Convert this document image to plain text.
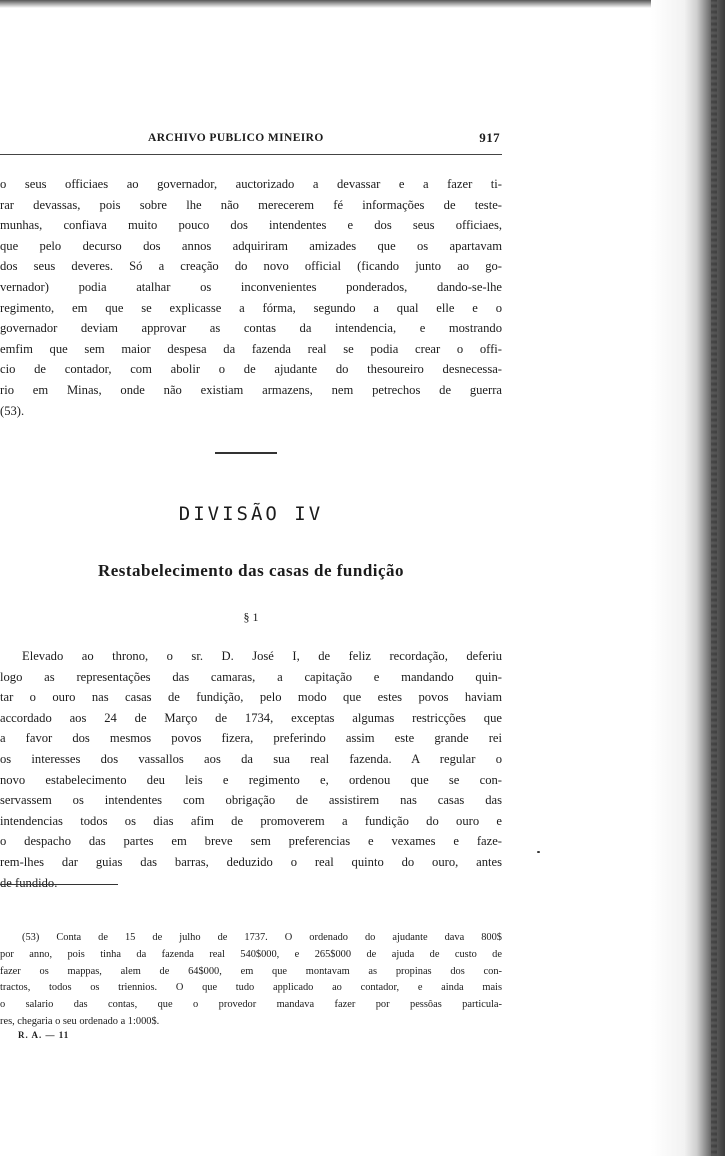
ARCHIVO PUBLICO MINEIRO	917
o seus officiaes ao governador, auctorizado a devassar e a fazer ti-
rar devassas, pois sobre lhe não merecerem fé informações de teste-
munhas, confiava muito pouco dos intendentes e dos seus officiaes,
que pelo decurso dos annos adquiriram amizades que os apartavam
dos seus deveres. Só a creação do novo official (ficando junto ao go-
vernador) podia atalhar os inconvenientes ponderados, dando-se-lhe
regimento, em que se explicasse a fórma, segundo a qual elle e o
governador deviam approvar as contas da intendencia, e mostrando
emfim que sem maior despesa da fazenda real se podia crear o offi-
cio de contador, com abolir o de ajudante do thesoureiro desnecessa-
rio em Minas, onde não existiam armazens, nem petrechos de guerra
(53).
DIVISÃO IV
Restabelecimento das casas de fundição
§ 1
Elevado ao throno, o sr. D. José I, de feliz recordação, deferiu
logo as representações das camaras, a capitação e mandando quin-
tar o ouro nas casas de fundição, pelo modo que estes povos haviam
accordado aos 24 de Março de 1734, exceptas algumas restricções que
a favor dos mesmos povos fizera, preferindo assim este grande rei
os interesses dos vassallos aos da sua real fazenda. A regular o
novo estabelecimento deu leis e regimento e, ordenou que se con-
servassem os intendentes com obrigação de assistirem nas casas das
intendencias todos os dias afim de promoverem a fundição do ouro e
o despacho das partes em breve sem preferencias e vexames e faze-
rem-lhes dar guias das barras, deduzido o real quinto do ouro, antes
de fundido.
(53) Conta de 15 de julho de 1737. O ordenado do ajudante dava 800$
por anno, pois tinha da fazenda real 540$000, e 265$000 de ajuda de custo de
fazer os mappas, alem de 64$000, em que montavam as propinas dos con-
tractos, todos os triennios. O que tudo applicado ao contador, e ainda mais
o salario das contas, que o provedor mandava fazer por pessôas particula-
res, chegaria o seu ordenado a 1:000$.
R. A. — 11
